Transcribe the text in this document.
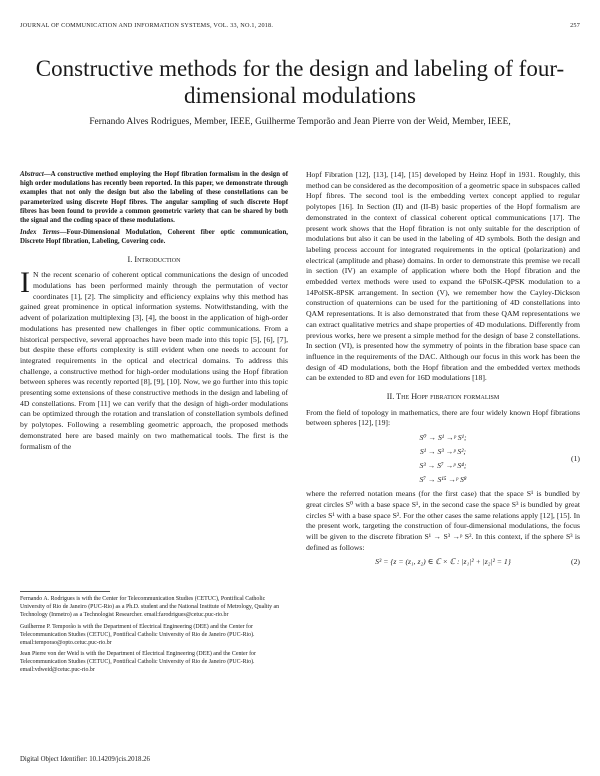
JOURNAL OF COMMUNICATION AND INFORMATION SYSTEMS, VOL. 33, NO.1, 2018.	257
Constructive methods for the design and labeling of four-dimensional modulations
Fernando Alves Rodrigues, Member, IEEE, Guilherme Temporão and Jean Pierre von der Weid, Member, IEEE,

Abstract—A constructive method employing the Hopf fibration formalism in the design of high order modulations has recently been reported. In this paper, we demonstrate through examples that not only the design but also the labeling of these constellations can be parameterized using discrete Hopf fibres. The angular sampling of such discrete Hopf fibres has been found to provide a common geometric variety that can be shared by both the signal and the coding space of these modulations.

Index Terms—Four-Dimensional Modulation, Coherent fiber optic communication, Discrete Hopf fibration, Labeling, Covering code.

I. Introduction

I N the recent scenario of coherent optical communications the design of uncoded modulations has been performed mainly through the permutation of vector coordinates [1], [2]. The simplicity and efficiency explains why this method has gained great prominence in optical information systems. Notwithstanding, with the advent of polarization multiplexing [3], [4], the boost in the application of high-order modulations has presented new challenges in fiber optic communications. From a historical perspective, several approaches have been made into this topic [5], [6], [7], but despite these efforts complexity is still evident when one needs to account for integrated requirements in the optical and electrical domains. To address this challenge, a constructive method for high-order modulations using the Hopf fibration between spheres was recently reported [8], [9], [10]. Now, we go further into this topic presenting some extensions of these constructive methods in the design and labeling of 4D constellations. From [11] we can verify that the design of high-order modulations can be optimized through the rotation and translation of constellation symbols defined by polytopes. Following a resembling geometric approach, the proposed methods demonstrated here are based mainly on two mathematical tools. The first is the formalism of the

Fernando A. Rodrigues is with the Center for Telecommunication Studies (CETUC), Pontifical Catholic University of Rio de Janeiro (PUC-Rio) as a Ph.D. student and the National Institute of Metrology, Quality an Technology (Inmetro) as a Technologist Researcher. email:farodrigues@cetuc.puc-rio.br

Guilherme P. Temporão is with the Department of Electrical Engineering (DEE) and the Center for Telecommunication Studies (CETUC), Pontifical Catholic University of Rio de Janeiro (PUC-Rio). email:temporao@opto.cetuc.puc-rio.br

Jean Pierre von der Weid is with the Department of Electrical Engineering (DEE) and the Center for Telecommunication Studies (CETUC), Pontifical Catholic University of Rio de Janeiro (PUC-Rio). email:vdweid@cetuc.puc-rio.br

Digital Object Identifier: 10.14209/jcis.2018.26

Hopf Fibration [12], [13], [14], [15] developed by Heinz Hopf in 1931. Roughly, this method can be considered as the decomposition of a geometric space in subspaces called Hopf fibres. The second tool is the embedding vertex concept applied to regular polytopes [16]. In Section (II) and (II-B) basic properties of the Hopf formalism are demonstrated in the context of classical coherent optical communications [17]. The present work shows that the Hopf fibration is not only suitable for the description of modulations but also it can be used in the labeling of 4D symbols. Both the design and labeling process account for integrated requirements in the optical (polarization) and electrical (amplitude and phase) domains. In order to demonstrate this premise we recall in section (IV) an example of application where both the Hopf fibration and the embedded vertex methods were used to expand the 6PolSK-QPSK modulation to a 14PolSK-8PSK arrangement. In section (V), we remember how the Cayley-Dickson construction of quaternions can be used for the partitioning of 4D constellations into QAM representations. It is also demonstrated that from these QAM representations we can extract qualitative metrics and shape properties of 4D modulations. Differently from previous works, here we present a simple method for the design of base 2 constellations. In section (VI), is presented how the symmetry of points in the fibration base space can influence in the requirements of the DAC. Although our focus in this work has been the design of 4D modulations, both the Hopf fibration and the embedded vertex methods can be extended to 8D and even for 16D modulations [18].

II. The Hopf fibration formalism

From the field of topology in mathematics, there are four widely known Hopf fibrations between spheres [12], [19]:

S⁰ → S¹ →ᵖ S¹;
S¹ → S³ →ᵖ S²;
S³ → S⁷ →ᵖ S⁴;
S⁷ → S¹⁵ →ᵖ S⁸
(1)

where the referred notation means (for the first case) that the space S¹ is bundled by great circles S⁰ with a base space S¹, in the second case the space S³ is bundled by great circles S¹ with a base space S². For the other cases the same relations apply [12], [15]. In the present work, targeting the construction of four-dimensional modulations, the focus will be given to the discrete fibration S¹ → S³ →ᵖ S². In this context, if the sphere S³ is defined as follows:

S³ = {z = (z₁, z₂) ∈ ℂ × ℂ : |z₁|² + |z₂|² = 1}	(2)
